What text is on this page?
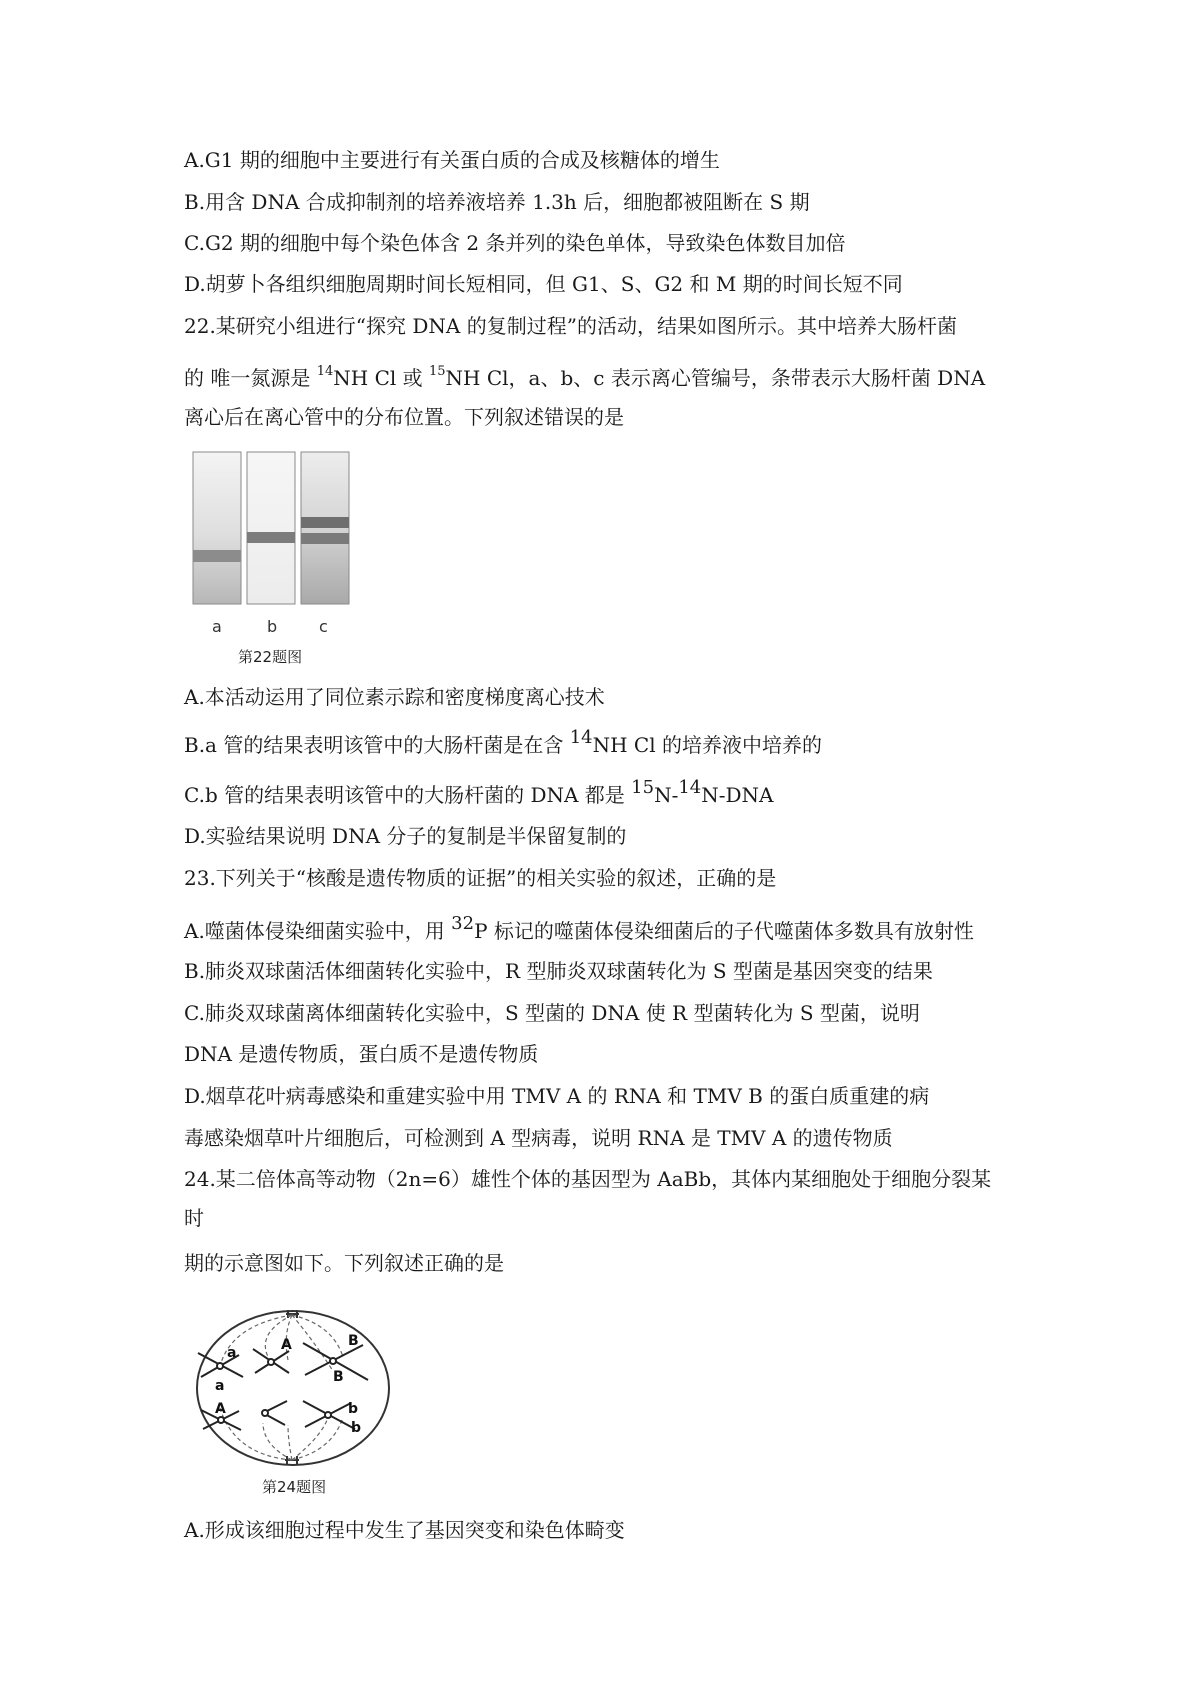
A.G1 期的细胞中主要进行有关蛋白质的合成及核糖体的增生
B.用含 DNA 合成抑制剂的培养液培养 1.3h 后，细胞都被阻断在 S 期
C.G2 期的细胞中每个染色体含 2 条并列的染色单体，导致染色体数目加倍
D.胡萝卜各组织细胞周期时间长短相同，但 G1、S、G2 和 M 期的时间长短不同
22.某研究小组进行“探究 DNA 的复制过程”的活动，结果如图所示。其中培养大肠杆菌
的 唯一氮源是 $^{14}$NH Cl 或 $^{15}$NH Cl，a、b、c 表示离心管编号，条带表示大肠杆菌 DNA
离心后在离心管中的分布位置。下列叙述错误的是
a	b	c
第22题图
A.本活动运用了同位素示踪和密度梯度离心技术
B.a 管的结果表明该管中的大肠杆菌是在含 14NH Cl 的培养液中培养的
C.b 管的结果表明该管中的大肠杆菌的 DNA 都是 15N-14N-DNA
D.实验结果说明 DNA 分子的复制是半保留复制的
23.下列关于“核酸是遗传物质的证据”的相关实验的叙述，正确的是
A.噬菌体侵染细菌实验中，用 32P 标记的噬菌体侵染细菌后的子代噬菌体多数具有放射性
B.肺炎双球菌活体细菌转化实验中，R 型肺炎双球菌转化为 S 型菌是基因突变的结果
C.肺炎双球菌离体细菌转化实验中，S 型菌的 DNA 使 R 型菌转化为 S 型菌，说明
DNA 是遗传物质，蛋白质不是遗传物质
D.烟草花叶病毒感染和重建实验中用 TMV A 的 RNA 和 TMV B 的蛋白质重建的病
毒感染烟草叶片细胞后，可检测到 A 型病毒，说明 RNA 是 TMV A 的遗传物质
24.某二倍体高等动物（2n=6）雄性个体的基因型为 AaBb，其体内某细胞处于细胞分裂某
时
期的示意图如下。下列叙述正确的是
a
a
A	B
B
A	b
b
第24题图
A.形成该细胞过程中发生了基因突变和染色体畸变
